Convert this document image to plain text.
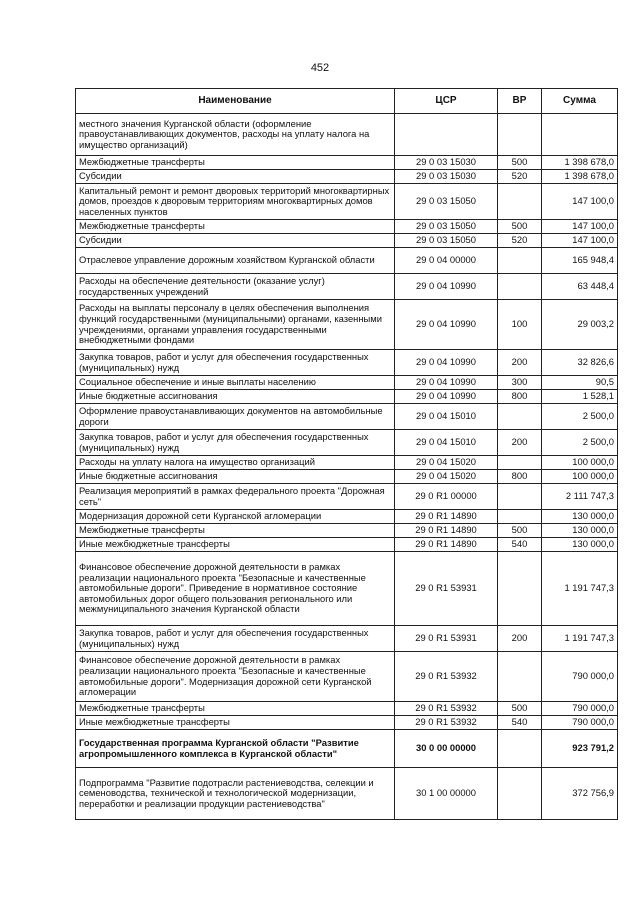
452
Наименование	ЦСР	ВР	Сумма
местного значения Курганской области (оформление правоустанавливающих документов, расходы на уплату налога на имущество организаций)			
Межбюджетные трансферты	29 0 03 15030	500	1 398 678,0
Субсидии	29 0 03 15030	520	1 398 678,0
Капитальный ремонт и ремонт дворовых территорий многоквартирных домов, проездов к дворовым территориям многоквартирных домов населенных пунктов	29 0 03 15050		147 100,0
Межбюджетные трансферты	29 0 03 15050	500	147 100,0
Субсидии	29 0 03 15050	520	147 100,0
Отраслевое управление дорожным хозяйством Курганской области	29 0 04 00000		165 948,4
Расходы на обеспечение деятельности (оказание услуг) государственных учреждений	29 0 04 10990		63 448,4
Расходы на выплаты персоналу в целях обеспечения выполнения функций государственными (муниципальными) органами, казенными учреждениями, органами управления государственными внебюджетными фондами	29 0 04 10990	100	29 003,2
Закупка товаров, работ и услуг для обеспечения государственных (муниципальных) нужд	29 0 04 10990	200	32 826,6
Социальное обеспечение и иные выплаты населению	29 0 04 10990	300	90,5
Иные бюджетные ассигнования	29 0 04 10990	800	1 528,1
Оформление правоустанавливающих документов на автомобильные дороги	29 0 04 15010		2 500,0
Закупка товаров, работ и услуг для обеспечения государственных (муниципальных) нужд	29 0 04 15010	200	2 500,0
Расходы на уплату налога на имущество организаций	29 0 04 15020		100 000,0
Иные бюджетные ассигнования	29 0 04 15020	800	100 000,0
Реализация мероприятий в рамках федерального проекта "Дорожная сеть"	29 0 R1 00000		2 111 747,3
Модернизация дорожной сети Курганской агломерации	29 0 R1 14890		130 000,0
Межбюджетные трансферты	29 0 R1 14890	500	130 000,0
Иные межбюджетные трансферты	29 0 R1 14890	540	130 000,0
Финансовое обеспечение дорожной деятельности в рамках реализации национального проекта "Безопасные и качественные автомобильные дороги". Приведение в нормативное состояние автомобильных дорог общего пользования регионального или межмуниципального значения Курганской области	29 0 R1 53931		1 191 747,3
Закупка товаров, работ и услуг для обеспечения государственных (муниципальных) нужд	29 0 R1 53931	200	1 191 747,3
Финансовое обеспечение дорожной деятельности в рамках реализации национального проекта "Безопасные и качественные автомобильные дороги". Модернизация дорожной сети Курганской агломерации	29 0 R1 53932		790 000,0
Межбюджетные трансферты	29 0 R1 53932	500	790 000,0
Иные межбюджетные трансферты	29 0 R1 53932	540	790 000,0
Государственная программа Курганской области "Развитие агропромышленного комплекса в Курганской области"	30 0 00 00000		923 791,2
Подпрограмма "Развитие подотрасли растениеводства, селекции и семеноводства, технической и технологической модернизации, переработки и реализации продукции растениеводства"	30 1 00 00000		372 756,9
